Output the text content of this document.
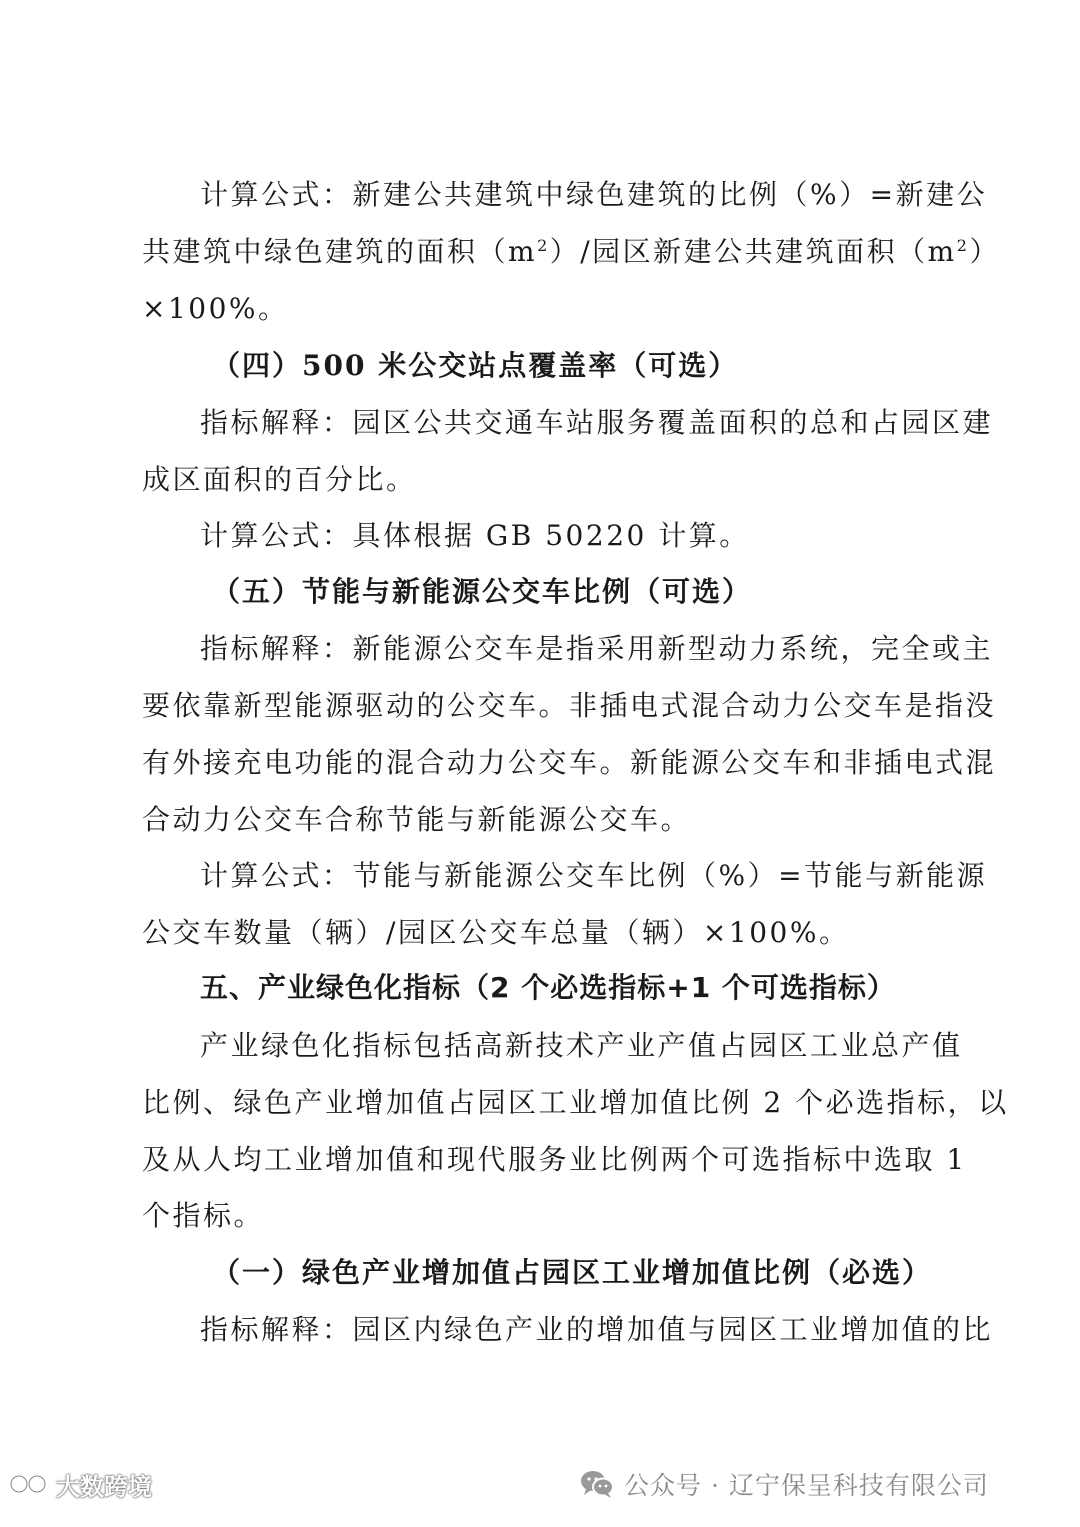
计算公式：新建公共建筑中绿色建筑的比例（%）=新建公
共建筑中绿色建筑的面积$(m^2)/$园区新建公共建筑面积$(m^2)$
×100%。
（四）500 米公交站点覆盖率（可选）
指标解释：园区公共交通车站服务覆盖面积的总和占园区建
成区面积的百分比。
计算公式：具体根据 GB 50220 计算。
（五）节能与新能源公交车比例（可选）
指标解释：新能源公交车是指采用新型动力系统，完全或主
要依靠新型能源驱动的公交车。非插电式混合动力公交车是指没
有外接充电功能的混合动力公交车。新能源公交车和非插电式混
合动力公交车合称节能与新能源公交车。
计算公式：节能与新能源公交车比例（%）=节能与新能源
公交车数量（辆）/园区公交车总量（辆）×100%。
五、产业绿色化指标（2 个必选指标+1 个可选指标）
产业绿色化指标包括高新技术产业产值占园区工业总产值
比例、绿色产业增加值占园区工业增加值比例 2 个必选指标，以
及从人均工业增加值和现代服务业比例两个可选指标中选取 1
个指标。
（一）绿色产业增加值占园区工业增加值比例（必选）
指标解释：园区内绿色产业的增加值与园区工业增加值的比
大数跨境	公众号 · 辽宁保呈科技有限公司
